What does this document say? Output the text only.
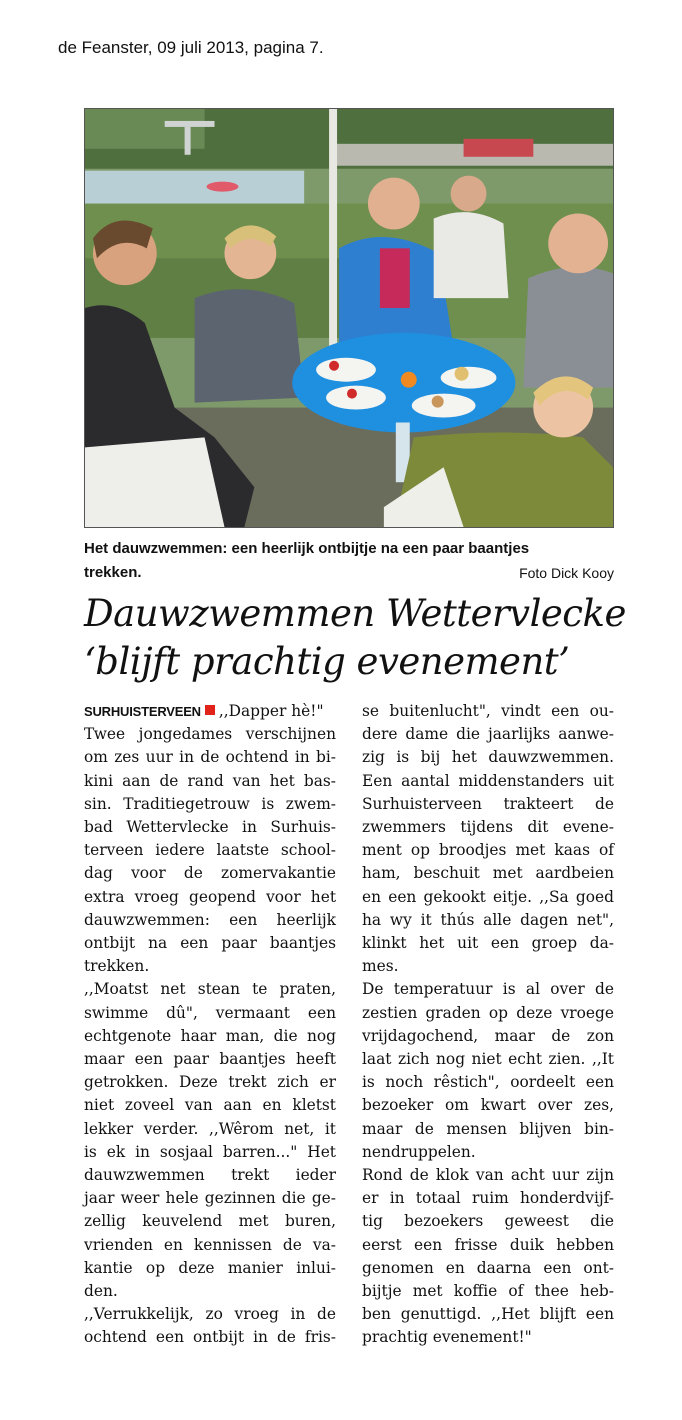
de Feanster, 09 juli 2013, pagina 7.
Het dauwzwemmen: een heerlijk ontbijtje na een paar baantjes
trekken.	Foto Dick Kooy
Dauwzwemmen Wettervlecke
‘blijft prachtig evenement’
SURHUISTERVEEN ,,Dapper hè!"
Twee jongedames verschijnen
om zes uur in de ochtend in bi-
kini aan de rand van het bas-
sin. Traditiegetrouw is zwem-
bad Wettervlecke in Surhuis-
terveen iedere laatste school-
dag voor de zomervakantie
extra vroeg geopend voor het
dauwzwemmen: een heerlijk
ontbijt na een paar baantjes
trekken.
,,Moatst net stean te praten,
swimme dû", vermaant een
echtgenote haar man, die nog
maar een paar baantjes heeft
getrokken. Deze trekt zich er
niet zoveel van aan en kletst
lekker verder. ,,Wêrom net, it
is ek in sosjaal barren..." Het
dauwzwemmen trekt ieder
jaar weer hele gezinnen die ge-
zellig keuvelend met buren,
vrienden en kennissen de va-
kantie op deze manier inlui-
den.
,,Verrukkelijk, zo vroeg in de
ochtend een ontbijt in de fris-
se buitenlucht", vindt een ou-
dere dame die jaarlijks aanwe-
zig is bij het dauwzwemmen.
Een aantal middenstanders uit
Surhuisterveen trakteert de
zwemmers tijdens dit evene-
ment op broodjes met kaas of
ham, beschuit met aardbeien
en een gekookt eitje. ,,Sa goed
ha wy it thús alle dagen net",
klinkt het uit een groep da-
mes.
De temperatuur is al over de
zestien graden op deze vroege
vrijdagochend, maar de zon
laat zich nog niet echt zien. ,,It
is noch rêstich", oordeelt een
bezoeker om kwart over zes,
maar de mensen blijven bin-
nendruppelen.
Rond de klok van acht uur zijn
er in totaal ruim honderdvijf-
tig bezoekers geweest die
eerst een frisse duik hebben
genomen en daarna een ont-
bijtje met koffie of thee heb-
ben genuttigd. ,,Het blijft een
prachtig evenement!"
